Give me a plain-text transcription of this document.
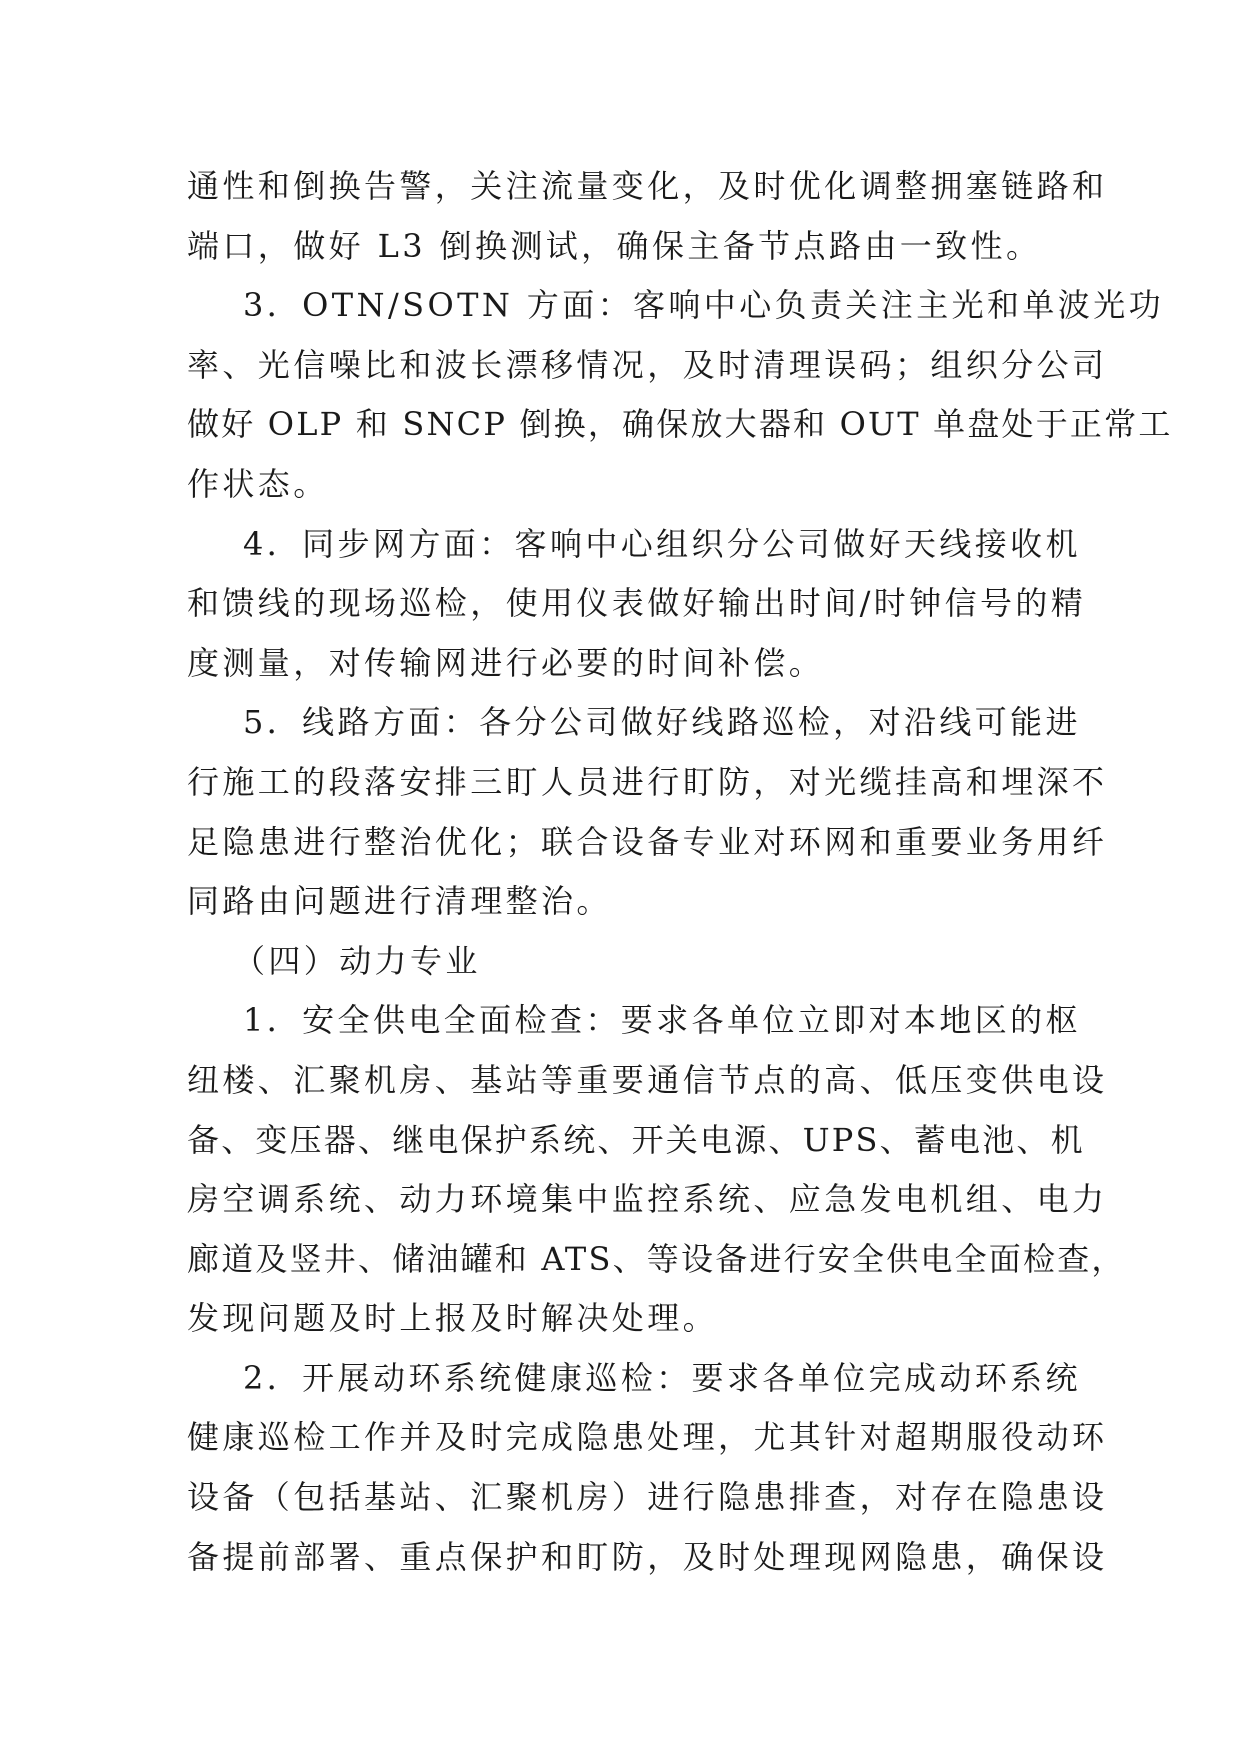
通性和倒换告警，关注流量变化，及时优化调整拥塞链路和
端口，做好 L3 倒换测试，确保主备节点路由一致性。
3．OTN/SOTN 方面：客响中心负责关注主光和单波光功
率、光信噪比和波长漂移情况，及时清理误码；组织分公司
做好 OLP 和 SNCP 倒换，确保放大器和 OUT 单盘处于正常工
作状态。
4．同步网方面：客响中心组织分公司做好天线接收机
和馈线的现场巡检，使用仪表做好输出时间/时钟信号的精
度测量，对传输网进行必要的时间补偿。
5．线路方面：各分公司做好线路巡检，对沿线可能进
行施工的段落安排三盯人员进行盯防，对光缆挂高和埋深不
足隐患进行整治优化；联合设备专业对环网和重要业务用纤
同路由问题进行清理整治。
（四）动力专业
1．安全供电全面检查：要求各单位立即对本地区的枢
纽楼、汇聚机房、基站等重要通信节点的高、低压变供电设
备、变压器、继电保护系统、开关电源、UPS、蓄电池、机
房空调系统、动力环境集中监控系统、应急发电机组、电力
廊道及竖井、储油罐和 ATS、等设备进行安全供电全面检查，
发现问题及时上报及时解决处理。
2．开展动环系统健康巡检：要求各单位完成动环系统
健康巡检工作并及时完成隐患处理，尤其针对超期服役动环
设备（包括基站、汇聚机房）进行隐患排查，对存在隐患设
备提前部署、重点保护和盯防，及时处理现网隐患，确保设
